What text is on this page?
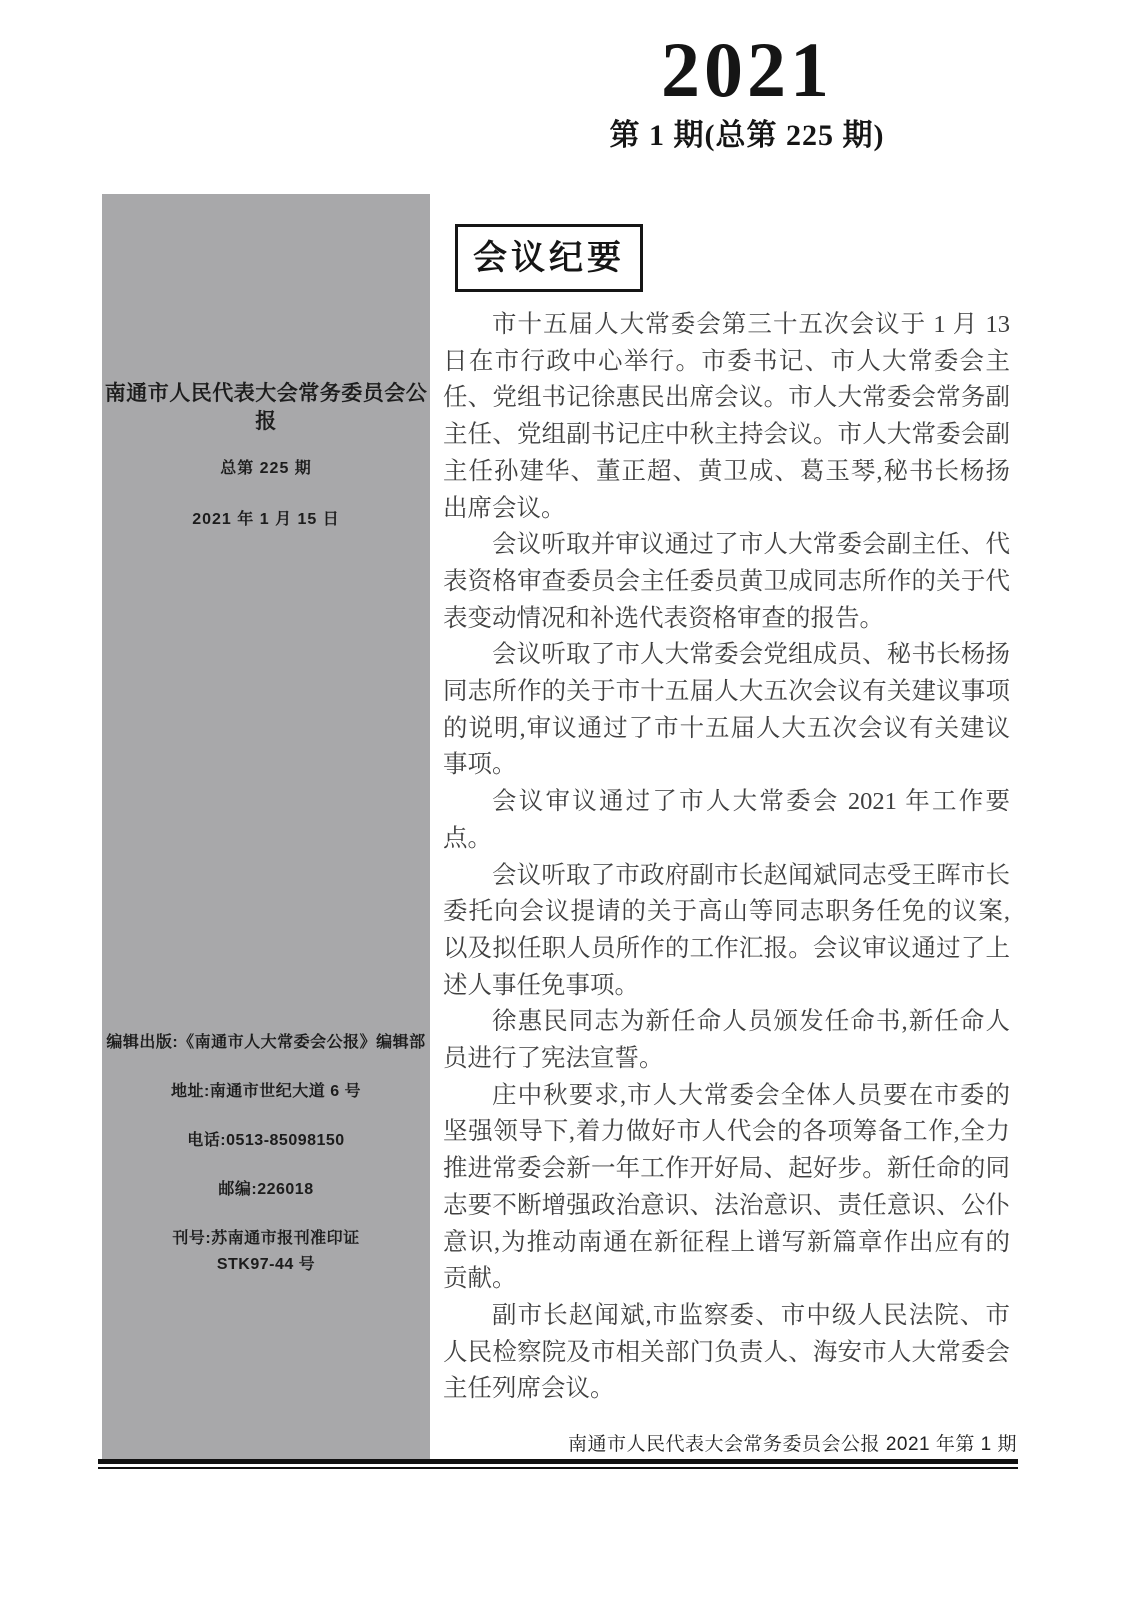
2021
第 1 期(总第 225 期)
南通市人民代表大会常务委员会公报
总第 225 期
2021 年 1 月 15 日

编辑出版:《南通市人大常委会公报》编辑部

地址:南通市世纪大道 6 号

电话:0513-85098150

邮编:226018

刊号:苏南通市报刊准印证

STK97-44 号

会议纪要

市十五届人大常委会第三十五次会议于 1 月 13 日在市行政中心举行。市委书记、市人大常委会主任、党组书记徐惠民出席会议。市人大常委会常务副主任、党组副书记庄中秋主持会议。市人大常委会副主任孙建华、董正超、黄卫成、葛玉琴,秘书长杨扬出席会议。

会议听取并审议通过了市人大常委会副主任、代表资格审查委员会主任委员黄卫成同志所作的关于代表变动情况和补选代表资格审查的报告。

会议听取了市人大常委会党组成员、秘书长杨扬同志所作的关于市十五届人大五次会议有关建议事项的说明,审议通过了市十五届人大五次会议有关建议事项。

会议审议通过了市人大常委会 2021 年工作要点。

会议听取了市政府副市长赵闻斌同志受王晖市长委托向会议提请的关于高山等同志职务任免的议案,以及拟任职人员所作的工作汇报。会议审议通过了上述人事任免事项。

徐惠民同志为新任命人员颁发任命书,新任命人员进行了宪法宣誓。

庄中秋要求,市人大常委会全体人员要在市委的坚强领导下,着力做好市人代会的各项筹备工作,全力推进常委会新一年工作开好局、起好步。新任命的同志要不断增强政治意识、法治意识、责任意识、公仆意识,为推动南通在新征程上谱写新篇章作出应有的贡献。

副市长赵闻斌,市监察委、市中级人民法院、市人民检察院及市相关部门负责人、海安市人大常委会主任列席会议。

南通市人民代表大会常务委员会公报 2021 年第 1 期
